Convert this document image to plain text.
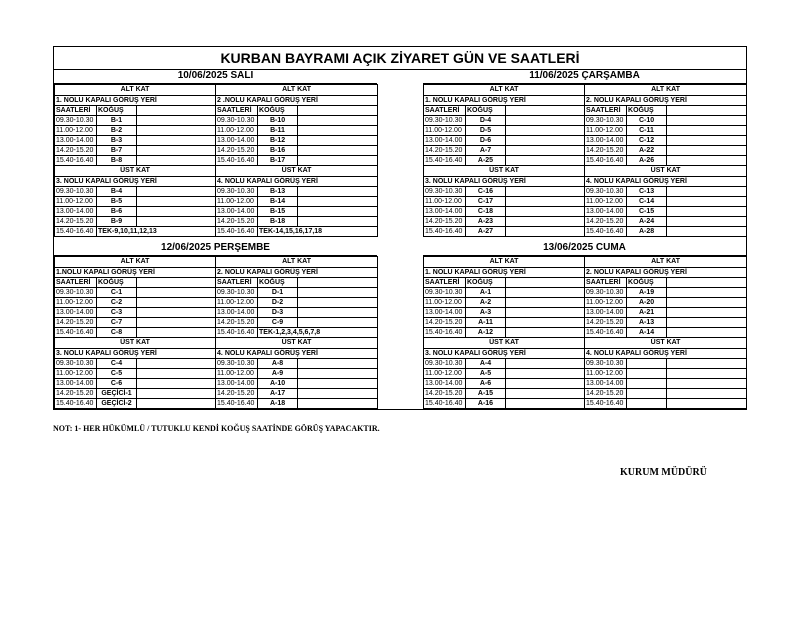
KURBAN BAYRAMI AÇIK ZİYARET GÜN VE SAATLERİ
10/06/2025 SALI
ALT KAT			ALT KAT		
1. NOLU KAPALI GÖRÜŞ YERİ			2 .NOLU KAPALI GÖRÜŞ YERİ		
SAATLERİ	KOĞUŞ		SAATLERİ	KOĞUŞ	
09.30-10.30	B-1		09.30-10.30	B-10	
11.00-12.00	B-2		11.00-12.00	B-11	
13.00-14.00	B-3		13.00-14.00	B-12	
14.20-15.20	B-7		14.20-15.20	B-16	
15.40-16.40	B-8		15.40-16.40	B-17	
ÜST KAT			ÜST KAT		
3. NOLU KAPALI GÖRÜŞ YERİ			4. NOLU KAPALI GÖRÜŞ YERİ		
09.30-10.30	B-4		09.30-10.30	B-13	
11.00-12.00	B-5		11.00-12.00	B-14	
13.00-14.00	B-6		13.00-14.00	B-15	
14.20-15.20	B-9		14.20-15.20	B-18	
15.40-16.40	TEK-9,10,11,12,13		15.40-16.40	TEK-14,15,16,17,18	
11/06/2025 ÇARŞAMBA
ALT KAT			ALT KAT		
1. NOLU KAPALI GÖRÜŞ YERİ			2. NOLU KAPALI GÖRÜŞ YERİ		
SAATLERİ	KOĞUŞ		SAATLERİ	KOĞUŞ	
09.30-10.30	D-4		09.30-10.30	C-10	
11.00-12.00	D-5		11.00-12.00	C-11	
13.00-14.00	D-6		13.00-14.00	C-12	
14.20-15.20	A-7		14.20-15.20	A-22	
15.40-16.40	A-25		15.40-16.40	A-26	
ÜST KAT			ÜST KAT		
3. NOLU KAPALI GÖRÜŞ YERİ			4. NOLU KAPALI GÖRÜŞ YERİ		
09.30-10.30	C-16		09.30-10.30	C-13	
11.00-12.00	C-17		11.00-12.00	C-14	
13.00-14.00	C-18		13.00-14.00	C-15	
14.20-15.20	A-23		14.20-15.20	A-24	
15.40-16.40	A-27		15.40-16.40	A-28	
12/06/2025 PERŞEMBE
ALT KAT			ALT KAT		
1.NOLU KAPALI GÖRÜŞ YERİ			2. NOLU KAPALI GÖRÜŞ YERİ		
SAATLERİ	KOĞUŞ		SAATLERİ	KOĞUŞ	
09.30-10.30	C-1		09.30-10.30	D-1	
11.00-12.00	C-2		11.00-12.00	D-2	
13.00-14.00	C-3		13.00-14.00	D-3	
14.20-15.20	C-7		14.20-15.20	C-9	
15.40-16.40	C-8		15.40-16.40	TEK-1,2,3,4,5,6,7,8	
ÜST KAT			ÜST KAT		
3. NOLU KAPALI GÖRÜŞ YERİ			4. NOLU KAPALI GÖRÜŞ YERİ		
09.30-10.30	C-4		09.30-10.30	A-8	
11.00-12.00	C-5		11.00-12.00	A-9	
13.00-14.00	C-6		13.00-14.00	A-10	
14.20-15.20	GEÇİCİ-1		14.20-15.20	A-17	
15.40-16.40	GEÇİCİ-2		15.40-16.40	A-18	
13/06/2025 CUMA
ALT KAT			ALT KAT		
1. NOLU KAPALI GÖRÜŞ YERİ			2. NOLU KAPALI GÖRÜŞ YERİ		
SAATLERİ	KOĞUŞ		SAATLERİ	KOĞUŞ	
09.30-10.30	A-1		09.30-10.30	A-19	
11.00-12.00	A-2		11.00-12.00	A-20	
13.00-14.00	A-3		13.00-14.00	A-21	
14.20-15.20	A-11		14.20-15.20	A-13	
15.40-16.40	A-12		15.40-16.40	A-14	
ÜST KAT			ÜST KAT		
3. NOLU KAPALI GÖRÜŞ YERİ			4. NOLU KAPALI GÖRÜŞ YERİ		
09.30-10.30	A-4		09.30-10.30		
11.00-12.00	A-5		11.00-12.00		
13.00-14.00	A-6		13.00-14.00		
14.20-15.20	A-15		14.20-15.20		
15.40-16.40	A-16		15.40-16.40		
NOT: 1- HER HÜKÜMLÜ / TUTUKLU KENDİ KOĞUŞ SAATİNDE GÖRÜŞ YAPACAKTIR.
KURUM MÜDÜRÜ
